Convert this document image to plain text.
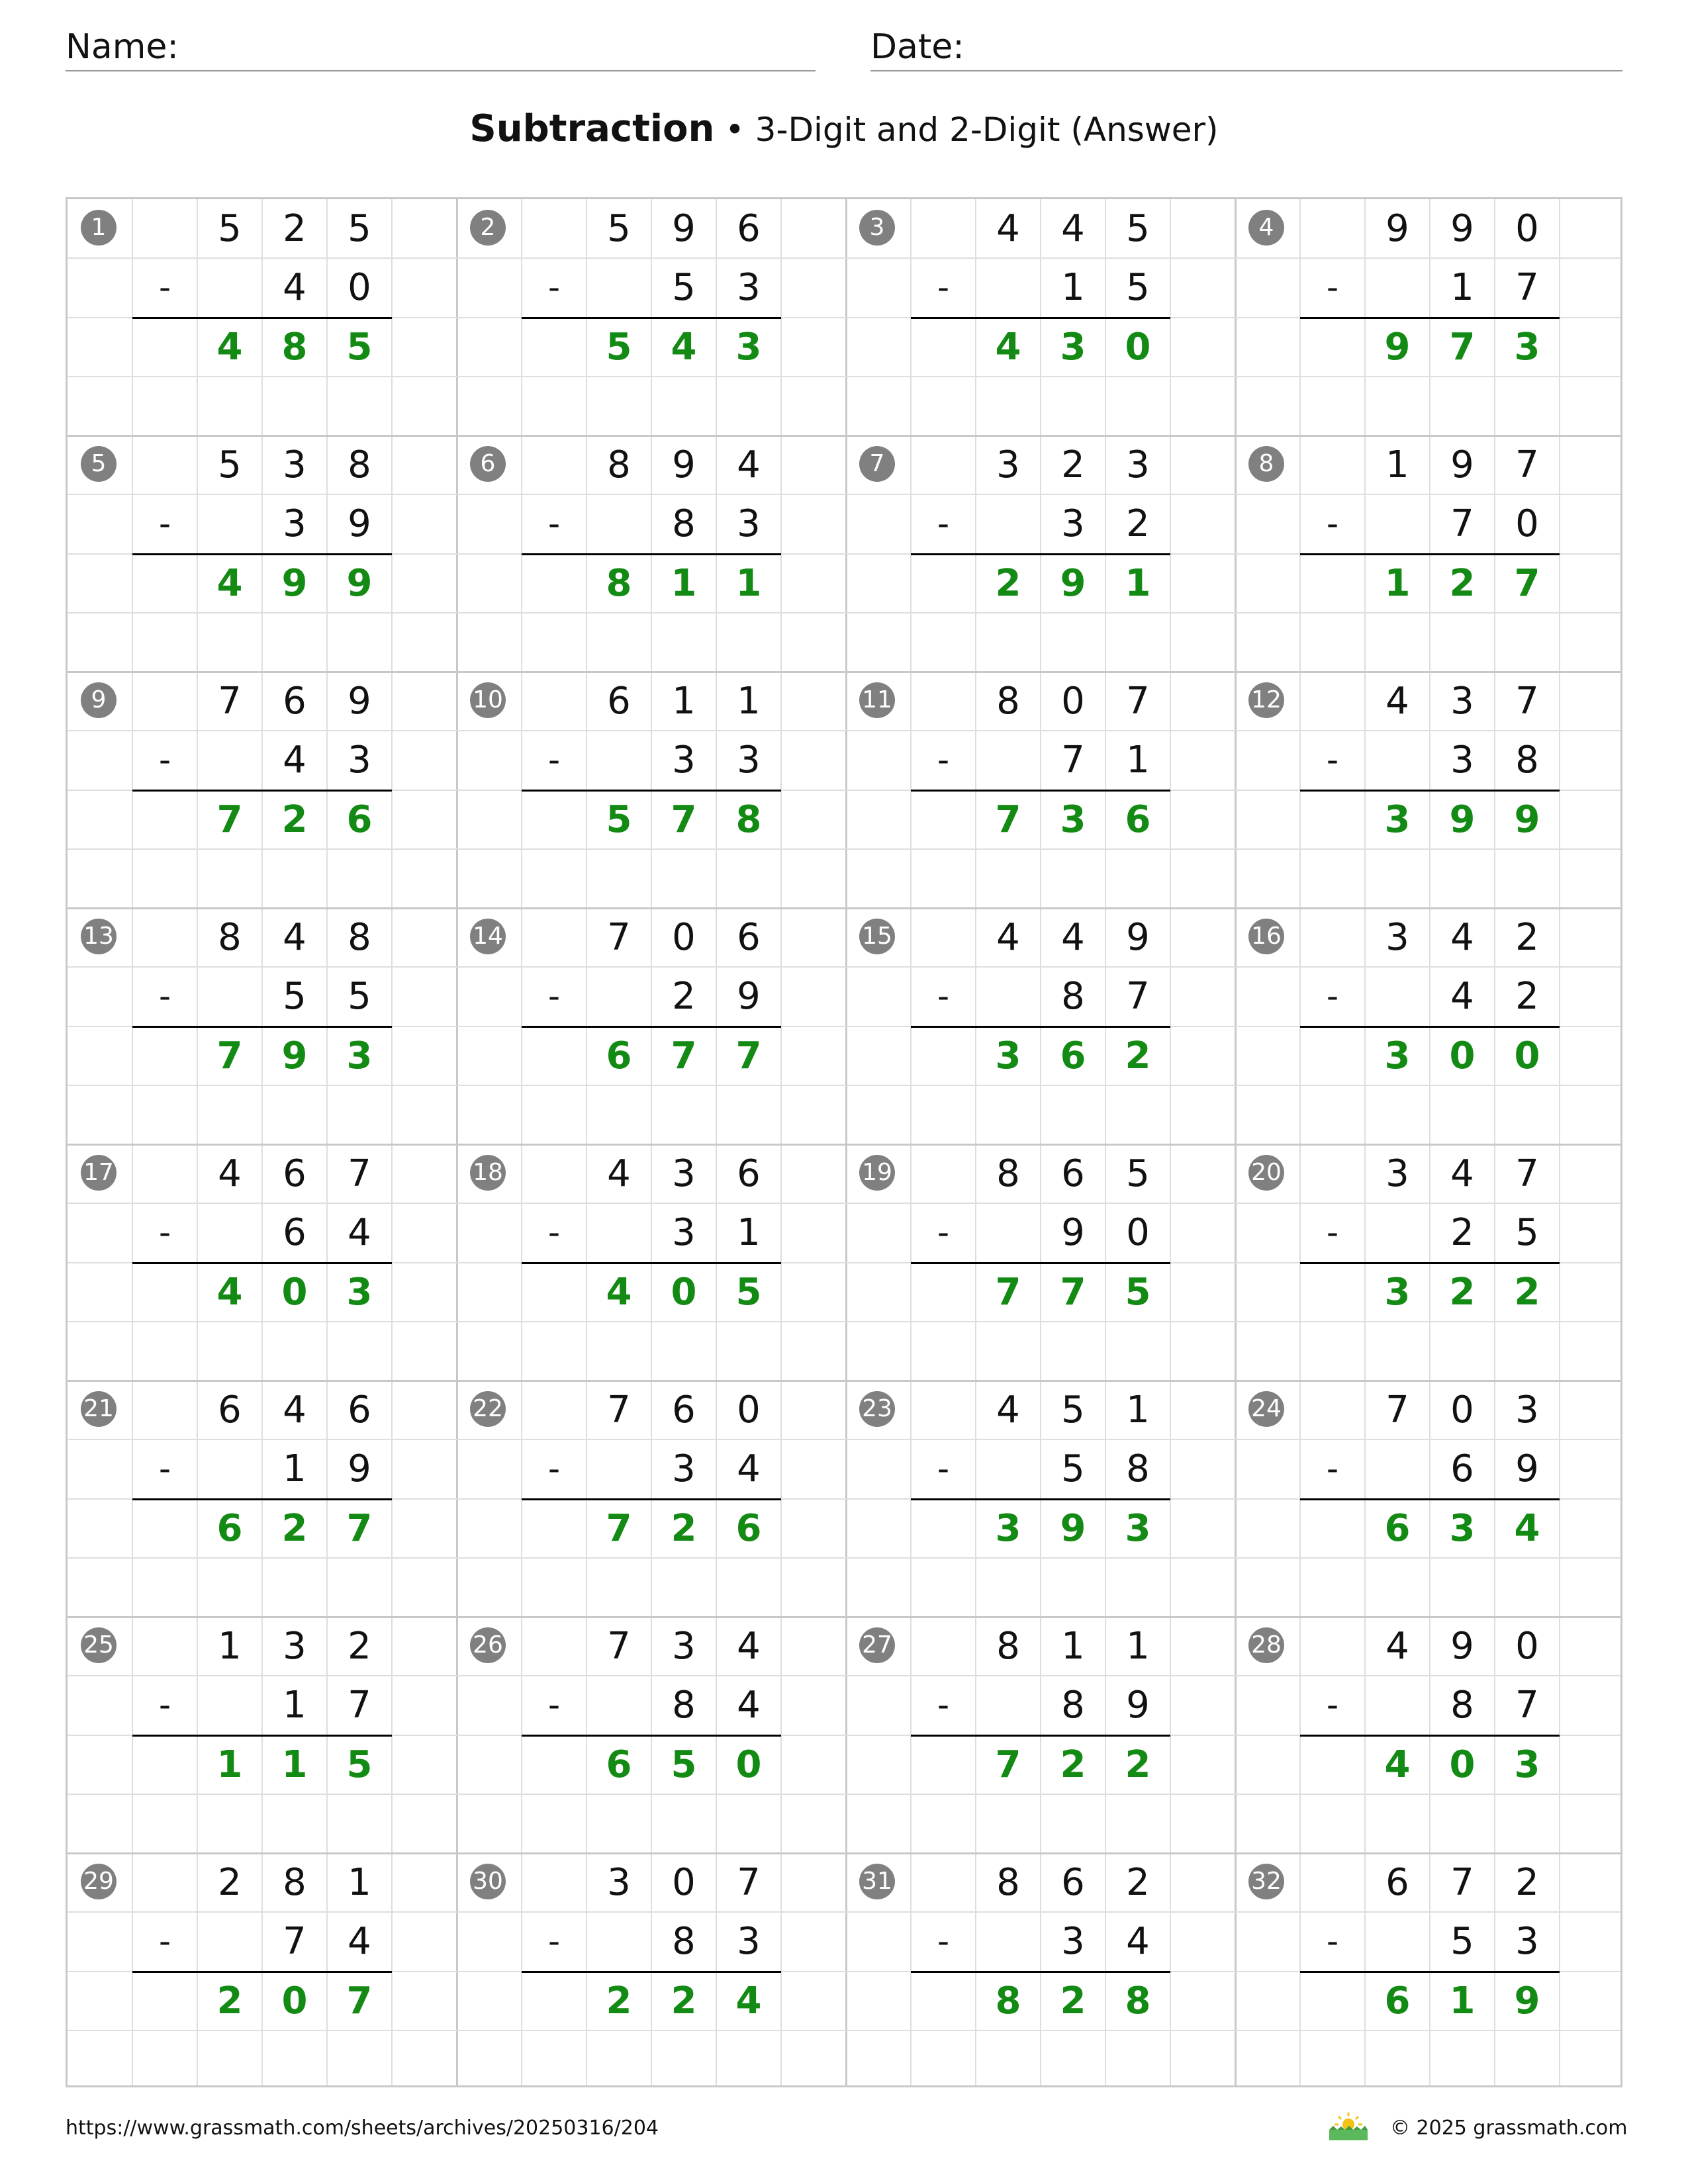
Name:	Date:
Subtraction • 3-Digit and 2-Digit (Answer)
1	5	2	5
-	4	0
4	8	5
2	5	9	6
-	5	3
5	4	3
3	4	4	5
-	1	5
4	3	0
4	9	9	0
-	1	7
9	7	3
5	5	3	8
-	3	9
4	9	9
6	8	9	4
-	8	3
8	1	1
7	3	2	3
-	3	2
2	9	1
8	1	9	7
-	7	0
1	2	7
9	7	6	9
-	4	3
7	2	6
10	6	1	1
-	3	3
5	7	8
11	8	0	7
-	7	1
7	3	6
12	4	3	7
-	3	8
3	9	9
13	8	4	8
-	5	5
7	9	3
14	7	0	6
-	2	9
6	7	7
15	4	4	9
-	8	7
3	6	2
16	3	4	2
-	4	2
3	0	0
17	4	6	7
-	6	4
4	0	3
18	4	3	6
-	3	1
4	0	5
19	8	6	5
-	9	0
7	7	5
20	3	4	7
-	2	5
3	2	2
21	6	4	6
-	1	9
6	2	7
22	7	6	0
-	3	4
7	2	6
23	4	5	1
-	5	8
3	9	3
24	7	0	3
-	6	9
6	3	4
25	1	3	2
-	1	7
1	1	5
26	7	3	4
-	8	4
6	5	0
27	8	1	1
-	8	9
7	2	2
28	4	9	0
-	8	7
4	0	3
29	2	8	1
-	7	4
2	0	7
30	3	0	7
-	8	3
2	2	4
31	8	6	2
-	3	4
8	2	8
32	6	7	2
-	5	3
6	1	9
https://www.grassmath.com/sheets/archives/20250316/204	© 2025 grassmath.com
